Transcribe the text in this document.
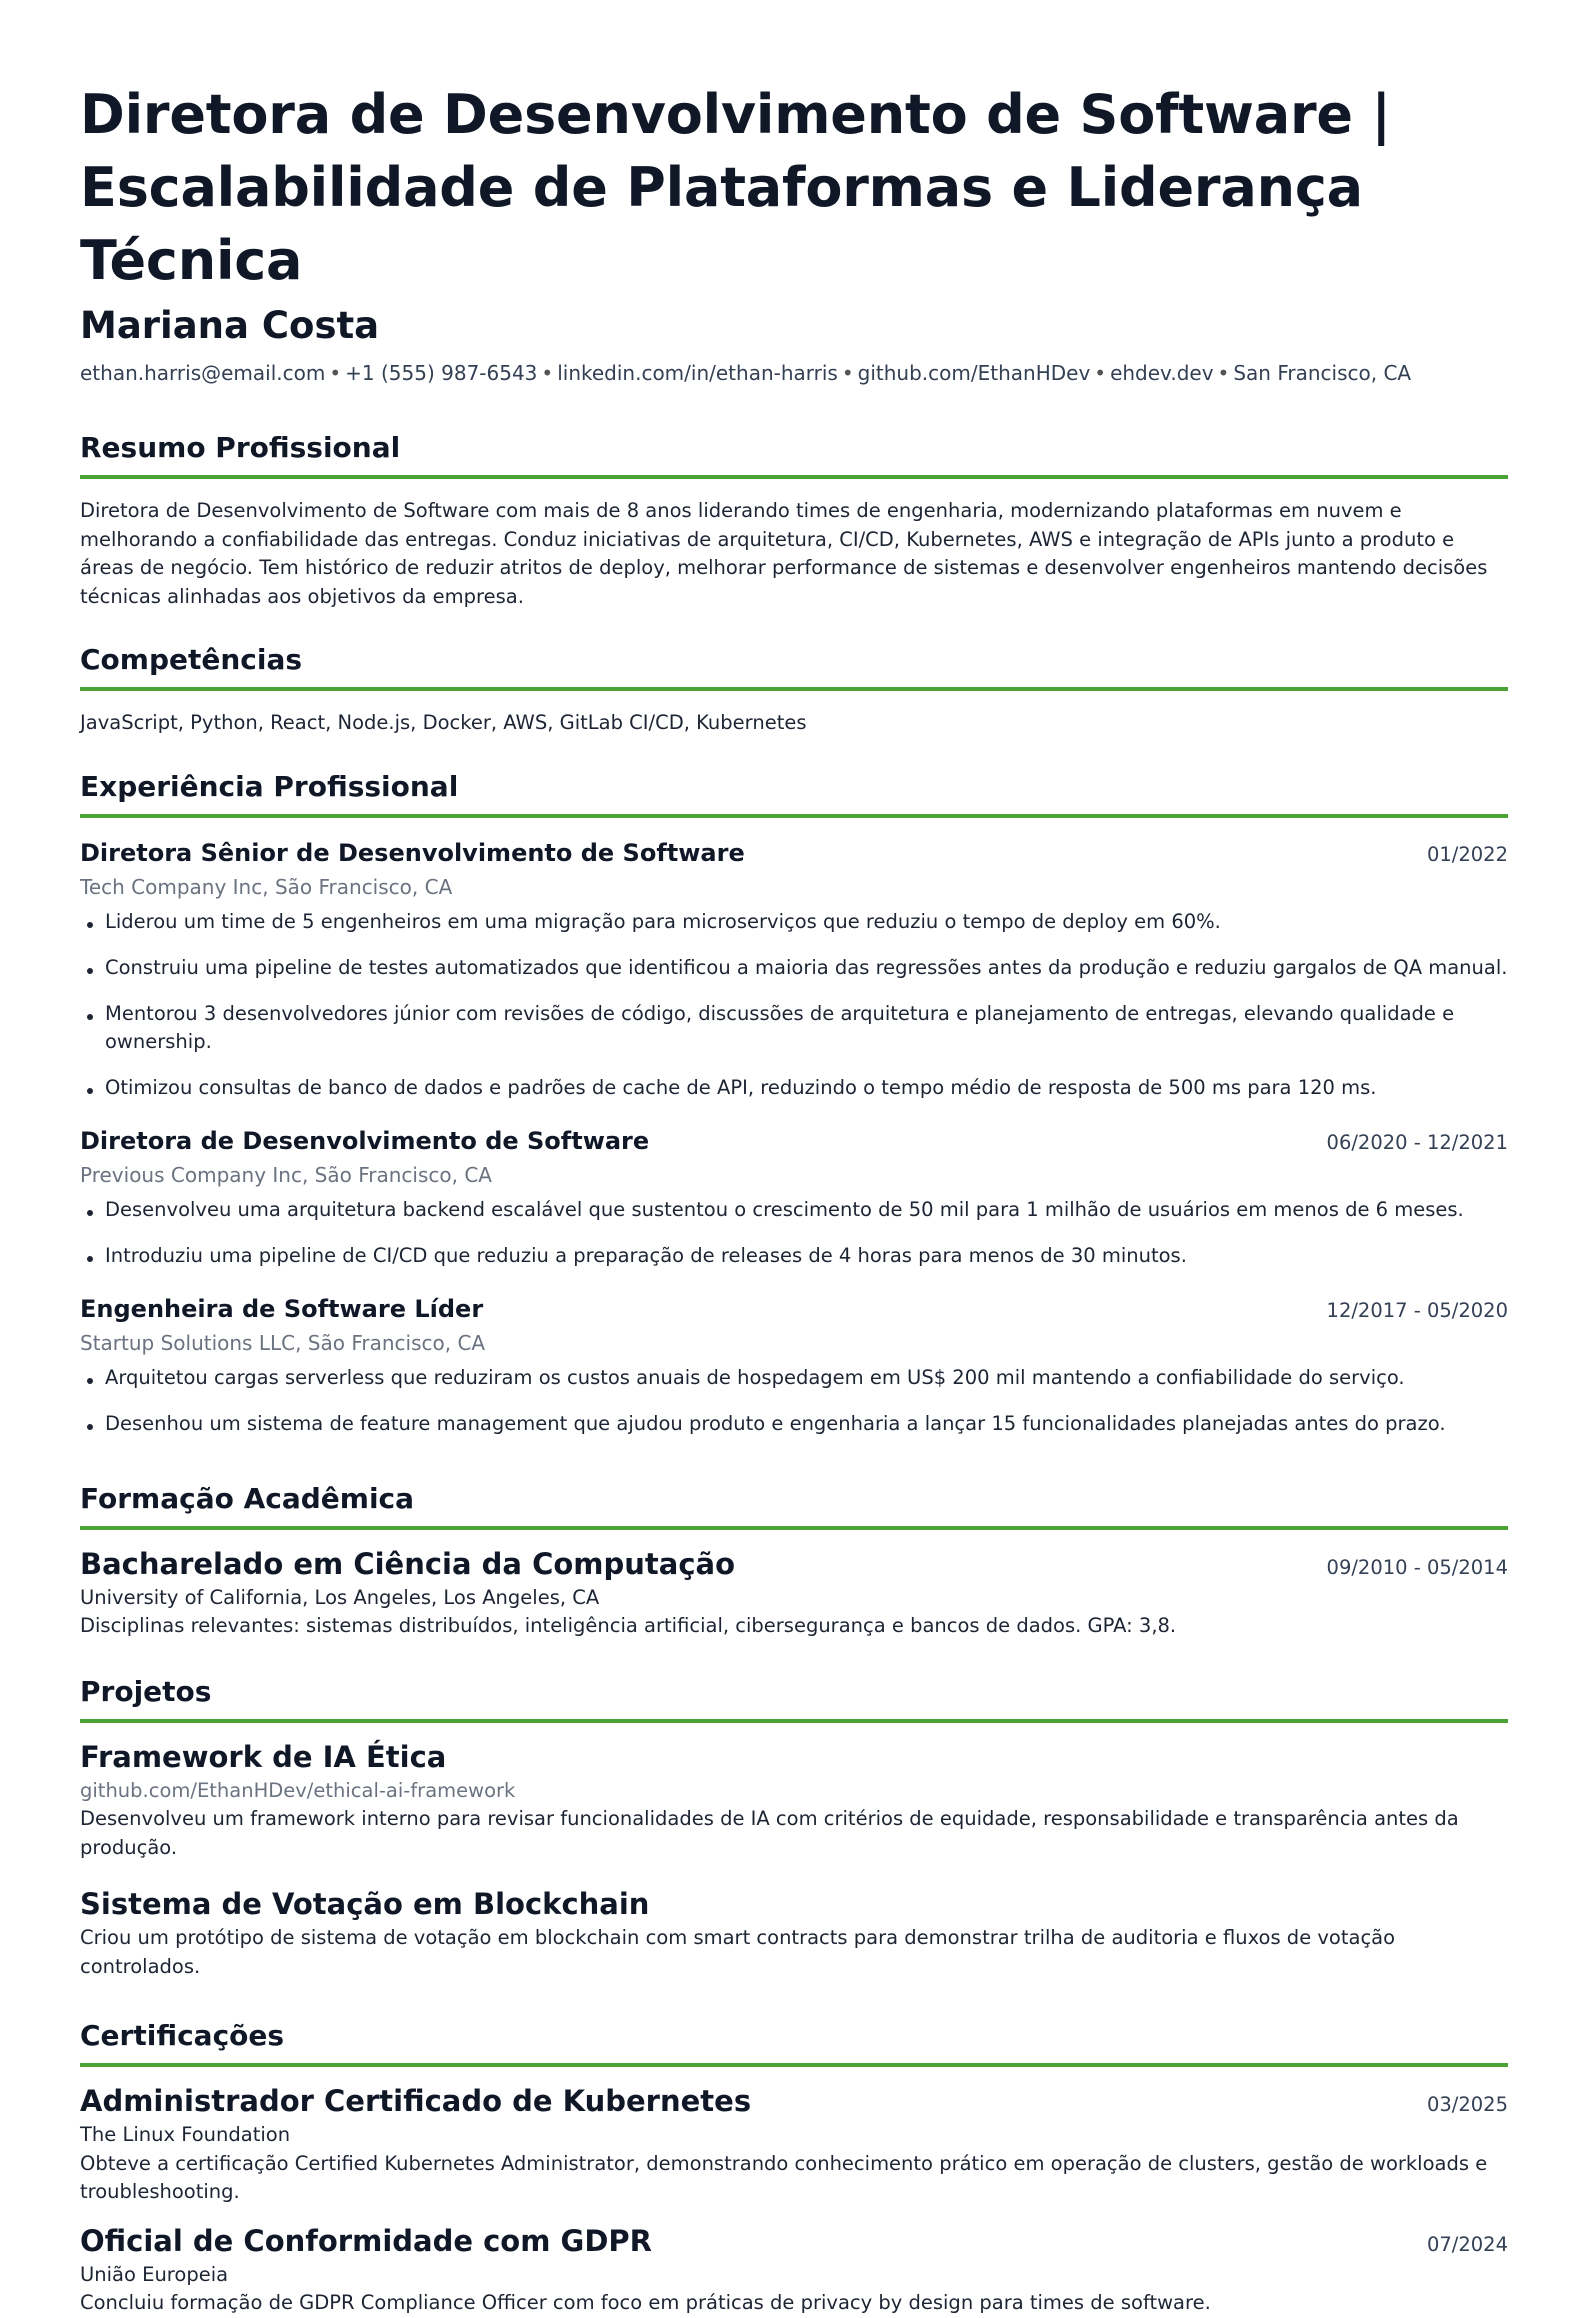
Diretora de Desenvolvimento de Software | Escalabilidade de Plataformas e Liderança Técnica
Mariana Costa
ethan.harris@email.com • +1 (555) 987-6543 • linkedin.com/in/ethan-harris • github.com/EthanHDev • ehdev.dev • San Francisco, CA
Resumo Profissional
Diretora de Desenvolvimento de Software com mais de 8 anos liderando times de engenharia, modernizando plataformas em nuvem e melhorando a confiabilidade das entregas. Conduz iniciativas de arquitetura, CI/CD, Kubernetes, AWS e integração de APIs junto a produto e áreas de negócio. Tem histórico de reduzir atritos de deploy, melhorar performance de sistemas e desenvolver engenheiros mantendo decisões técnicas alinhadas aos objetivos da empresa.
Competências
JavaScript, Python, React, Node.js, Docker, AWS, GitLab CI/CD, Kubernetes
Experiência Profissional
Diretora Sênior de Desenvolvimento de Software	01/2022
Tech Company Inc, São Francisco, CA
Liderou um time de 5 engenheiros em uma migração para microserviços que reduziu o tempo de deploy em 60%.
Construiu uma pipeline de testes automatizados que identificou a maioria das regressões antes da produção e reduziu gargalos de QA manual.
Mentorou 3 desenvolvedores júnior com revisões de código, discussões de arquitetura e planejamento de entregas, elevando qualidade e ownership.
Otimizou consultas de banco de dados e padrões de cache de API, reduzindo o tempo médio de resposta de 500 ms para 120 ms.
Diretora de Desenvolvimento de Software	06/2020 - 12/2021
Previous Company Inc, São Francisco, CA
Desenvolveu uma arquitetura backend escalável que sustentou o crescimento de 50 mil para 1 milhão de usuários em menos de 6 meses.
Introduziu uma pipeline de CI/CD que reduziu a preparação de releases de 4 horas para menos de 30 minutos.
Engenheira de Software Líder	12/2017 - 05/2020
Startup Solutions LLC, São Francisco, CA
Arquitetou cargas serverless que reduziram os custos anuais de hospedagem em US$ 200 mil mantendo a confiabilidade do serviço.
Desenhou um sistema de feature management que ajudou produto e engenharia a lançar 15 funcionalidades planejadas antes do prazo.
Formação Acadêmica
Bacharelado em Ciência da Computação	09/2010 - 05/2014
University of California, Los Angeles, Los Angeles, CA
Disciplinas relevantes: sistemas distribuídos, inteligência artificial, cibersegurança e bancos de dados. GPA: 3,8.
Projetos
Framework de IA Ética
github.com/EthanHDev/ethical-ai-framework
Desenvolveu um framework interno para revisar funcionalidades de IA com critérios de equidade, responsabilidade e transparência antes da produção.
Sistema de Votação em Blockchain
Criou um protótipo de sistema de votação em blockchain com smart contracts para demonstrar trilha de auditoria e fluxos de votação controlados.
Certificações
Administrador Certificado de Kubernetes	03/2025
The Linux Foundation
Obteve a certificação Certified Kubernetes Administrator, demonstrando conhecimento prático em operação de clusters, gestão de workloads e troubleshooting.
Oficial de Conformidade com GDPR	07/2024
União Europeia
Concluiu formação de GDPR Compliance Officer com foco em práticas de privacy by design para times de software.
